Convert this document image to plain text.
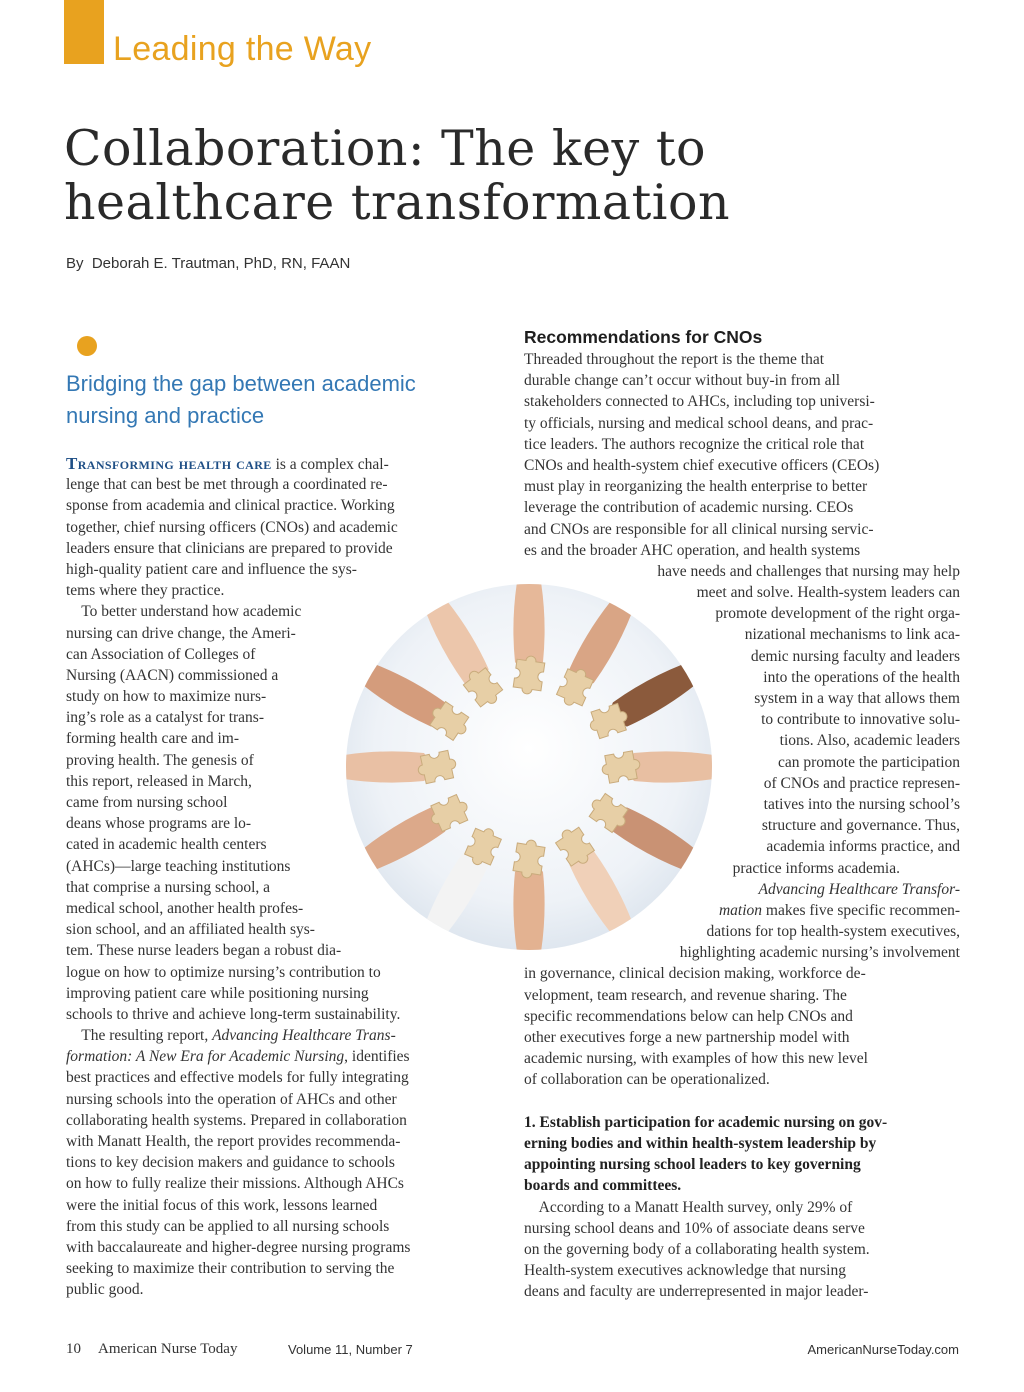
Leading the Way
Collaboration: The key to
healthcare transformation
By  Deborah E. Trautman, PhD, RN, FAAN
Bridging the gap between academic
nursing and practice
Transforming health care is a complex chal-
lenge that can best be met through a coordinated re-
sponse from academia and clinical practice. Working
together, chief nursing officers (CNOs) and academic
leaders ensure that clinicians are prepared to provide
high-quality patient care and influence the sys-
tems where they practice.
To better understand how academic
nursing can drive change, the Ameri-
can Association of Colleges of
Nursing (AACN) commissioned a
study on how to maximize nurs-
ing’s role as a catalyst for trans-
forming health care and im-
proving health. The genesis of
this report, released in March,
came from nursing school
deans whose programs are lo-
cated in academic health centers
(AHCs)—large teaching institutions
that comprise a nursing school, a
medical school, another health profes-
sion school, and an affiliated health sys-
tem. These nurse leaders began a robust dia-
logue on how to optimize nursing’s contribution to
improving patient care while positioning nursing
schools to thrive and achieve long-term sustainability.
The resulting report, Advancing Healthcare Trans-
formation: A New Era for Academic Nursing, identifies
best practices and effective models for fully integrating
nursing schools into the operation of AHCs and other
collaborating health systems. Prepared in collaboration
with Manatt Health, the report provides recommenda-
tions to key decision makers and guidance to schools
on how to fully realize their missions. Although AHCs
were the initial focus of this work, lessons learned
from this study can be applied to all nursing schools
with baccalaureate and higher-degree nursing programs
seeking to maximize their contribution to serving the
public good.
Recommendations for CNOs
Threaded throughout the report is the theme that
durable change can’t occur without buy-in from all
stakeholders connected to AHCs, including top universi-
ty officials, nursing and medical school deans, and prac-
tice leaders. The authors recognize the critical role that
CNOs and health-system chief executive officers (CEOs)
must play in reorganizing the health enterprise to better
leverage the contribution of academic nursing. CEOs
and CNOs are responsible for all clinical nursing servic-
es and the broader AHC operation, and health systems
have needs and challenges that nursing may help
meet and solve. Health-system leaders can
promote development of the right orga-
nizational mechanisms to link aca-
demic nursing faculty and leaders
into the operations of the health
system in a way that allows them
to contribute to innovative solu-
tions. Also, academic leaders
can promote the participation
of CNOs and practice represen-
tatives into the nursing school’s
structure and governance. Thus,
academia informs practice, and
practice informs academia.
Advancing Healthcare Transfor-
mation makes five specific recommen-
dations for top health-system executives,
highlighting academic nursing’s involvement
in governance, clinical decision making, workforce de-
velopment, team research, and revenue sharing. The
specific recommendations below can help CNOs and
other executives forge a new partnership model with
academic nursing, with examples of how this new level
of collaboration can be operationalized.
1. Establish participation for academic nursing on gov-
erning bodies and within health-system leadership by
appointing nursing school leaders to key governing
boards and committees.
According to a Manatt Health survey, only 29% of
nursing school deans and 10% of associate deans serve
on the governing body of a collaborating health system.
Health-system executives acknowledge that nursing
deans and faculty are underrepresented in major leader-
10 American Nurse Today	Volume 11, Number 7	AmericanNurseToday.com
